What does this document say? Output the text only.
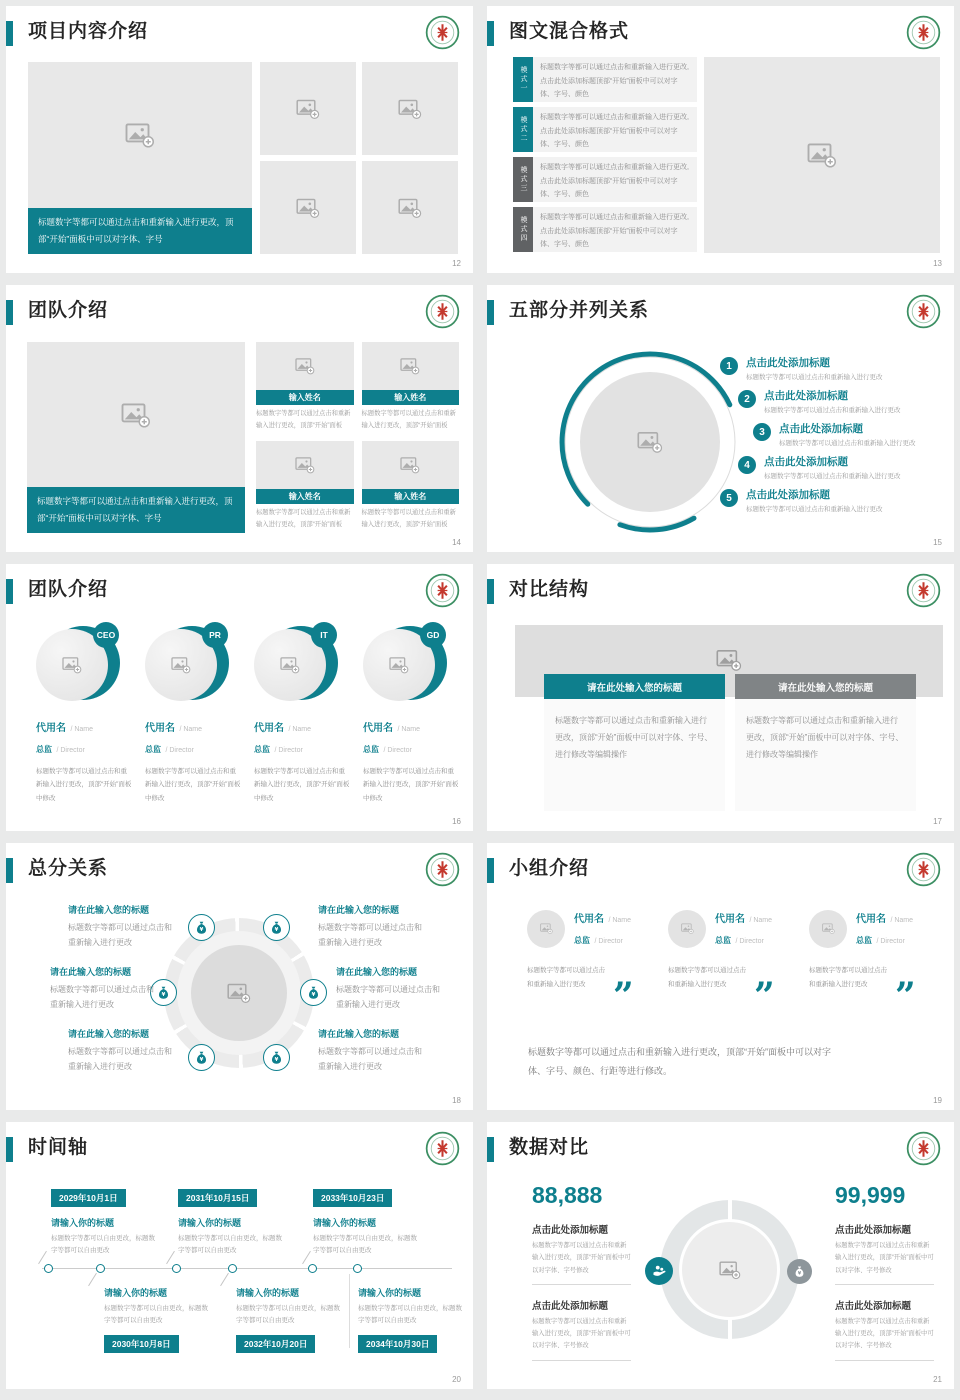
项目内容介绍
标题数字等都可以通过点击和重新输入进行更改，顶部“开始”面板中可以对字体、字号
12
图文混合格式
模式一	标题数字等都可以通过点击和重新输入进行更改,点击此处添加标题顶部“开始”面板中可以对字体、字号、颜色
模式二	标题数字等都可以通过点击和重新输入进行更改,点击此处添加标题顶部“开始”面板中可以对字体、字号、颜色
模式三	标题数字等都可以通过点击和重新输入进行更改,点击此处添加标题顶部“开始”面板中可以对字体、字号、颜色
模式四	标题数字等都可以通过点击和重新输入进行更改,点击此处添加标题顶部“开始”面板中可以对字体、字号、颜色
13
团队介绍
标题数字等都可以通过点击和重新输入进行更改，顶部“开始”面板中可以对字体、字号
输入姓名
标题数字等都可以通过点击和重新输入进行更改，顶部“开始”面板
输入姓名
标题数字等都可以通过点击和重新输入进行更改，顶部“开始”面板
输入姓名
标题数字等都可以通过点击和重新输入进行更改，顶部“开始”面板
输入姓名
标题数字等都可以通过点击和重新输入进行更改，顶部“开始”面板
14
五部分并列关系
1	点击此处添加标题
标题数字等都可以通过点击和重新输入进行更改
2	点击此处添加标题
标题数字等都可以通过点击和重新输入进行更改
3	点击此处添加标题
标题数字等都可以通过点击和重新输入进行更改
4	点击此处添加标题
标题数字等都可以通过点击和重新输入进行更改
5	点击此处添加标题
标题数字等都可以通过点击和重新输入进行更改
15
团队介绍
CEO
代用名 / Name
总监 / Director
标题数字等都可以通过点击和重新输入进行更改，顶部“开始”面板中修改
PR
代用名 / Name
总监 / Director
标题数字等都可以通过点击和重新输入进行更改，顶部“开始”面板中修改
IT
代用名 / Name
总监 / Director
标题数字等都可以通过点击和重新输入进行更改，顶部“开始”面板中修改
GD
代用名 / Name
总监 / Director
标题数字等都可以通过点击和重新输入进行更改，顶部“开始”面板中修改
16
对比结构
请在此处输入您的标题
标题数字等都可以通过点击和重新输入进行更改，顶部“开始”面板中可以对字体、字号、进行修改等编辑操作
请在此处输入您的标题
标题数字等都可以通过点击和重新输入进行更改，顶部“开始”面板中可以对字体、字号、进行修改等编辑操作
17
总分关系
请在此输入您的标题
标题数字等都可以通过点击和重新输入进行更改
请在此输入您的标题
标题数字等都可以通过点击和重新输入进行更改
请在此输入您的标题
标题数字等都可以通过点击和重新输入进行更改
请在此输入您的标题
标题数字等都可以通过点击和重新输入进行更改
请在此输入您的标题
标题数字等都可以通过点击和重新输入进行更改
请在此输入您的标题
标题数字等都可以通过点击和重新输入进行更改
18
小组介绍
代用名 / Name
总监 / Director
标题数字等都可以通过点击和重新输入进行更改 ”
代用名 / Name
总监 / Director
标题数字等都可以通过点击和重新输入进行更改 ”
代用名 / Name
总监 / Director
标题数字等都可以通过点击和重新输入进行更改 ”
标题数字等都可以通过点击和重新输入进行更改，顶部“开始”面板中可以对字体、字号、颜色、行距等进行修改。
19
时间轴
2029年10月1日
请输入你的标题
标题数字等都可以自由更改，标题数字等都可以自由更改
2031年10月15日
请输入你的标题
标题数字等都可以自由更改，标题数字等都可以自由更改
2033年10月23日
请输入你的标题
标题数字等都可以自由更改，标题数字等都可以自由更改
请输入你的标题
标题数字等都可以自由更改，标题数字等都可以自由更改
2030年10月8日
请输入你的标题
标题数字等都可以自由更改，标题数字等都可以自由更改
2032年10月20日
请输入你的标题
标题数字等都可以自由更改，标题数字等都可以自由更改
2034年10月30日
20
数据对比
88,888
点击此处添加标题
标题数字等都可以通过点击和重新输入进行更改，顶部“开始”面板中可以对字体、字号修改
点击此处添加标题
标题数字等都可以通过点击和重新输入进行更改，顶部“开始”面板中可以对字体、字号修改
99,999
点击此处添加标题
标题数字等都可以通过点击和重新输入进行更改，顶部“开始”面板中可以对字体、字号修改
点击此处添加标题
标题数字等都可以通过点击和重新输入进行更改，顶部“开始”面板中可以对字体、字号修改
21
